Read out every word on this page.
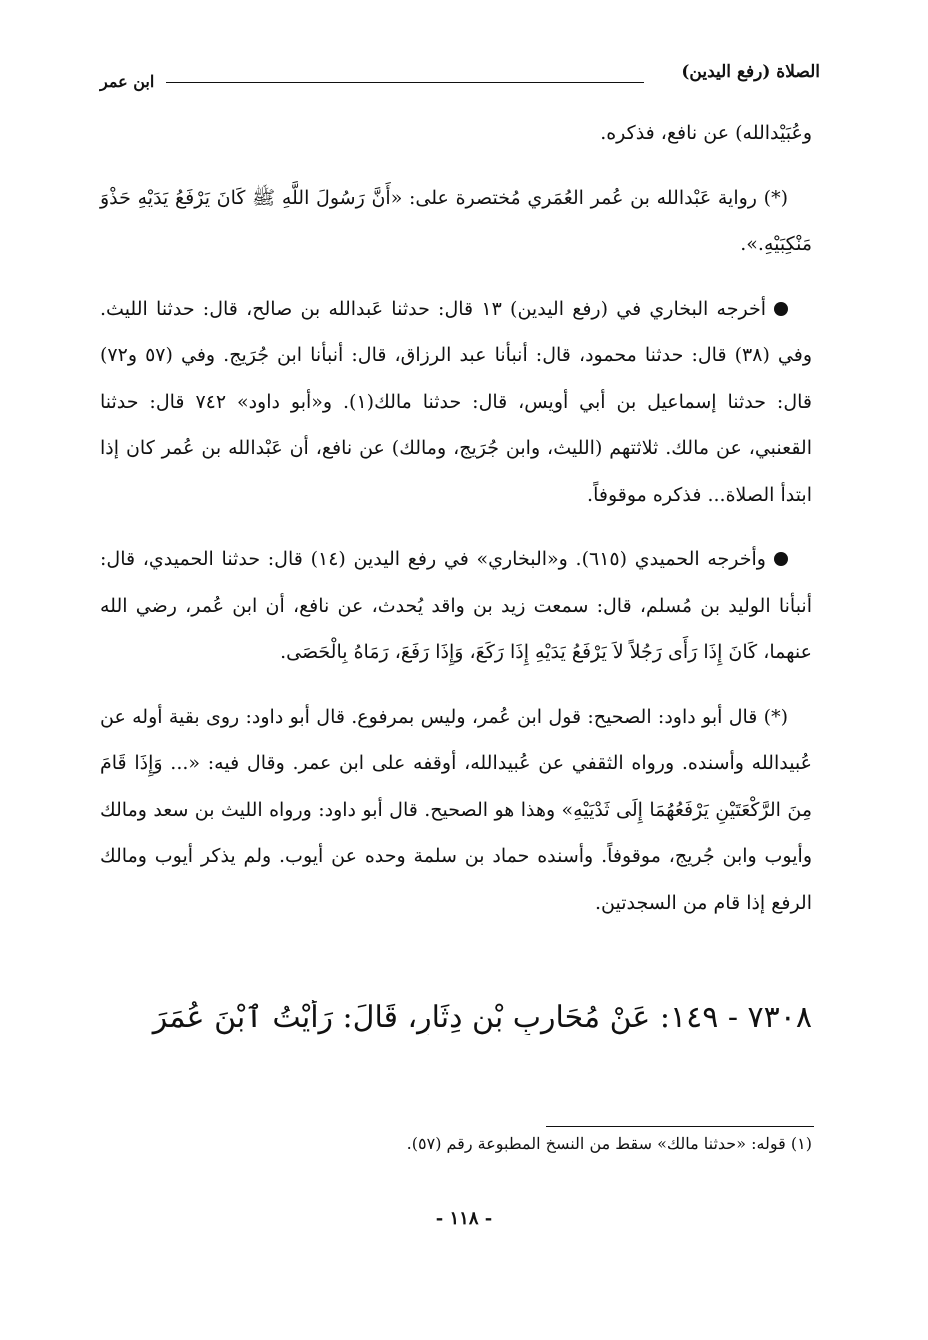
الصلاة (رفع اليدين)
ابن عمر

وعُبَيْدالله) عن نافع، فذكره.

(*) رواية عَبْدالله بن عُمر العُمَري مُختصرة على: «أَنَّ رَسُولَ اللَّهِ ﷺ كَانَ يَرْفَعُ يَدَيْهِ حَذْوَ مَنْكِبَيْهِ.».

أخرجه البخاري في (رفع اليدين) ١٣ قال: حدثنا عَبدالله بن صالح، قال: حدثنا الليث. وفي (٣٨) قال: حدثنا محمود، قال: أنبأنا عبد الرزاق، قال: أنبأنا ابن جُرَيج. وفي (٥٧ و٧٢) قال: حدثنا إسماعيل بن أبي أويس، قال: حدثنا مالك(١). و«أبو داود» ٧٤٢ قال: حدثنا القعنبي، عن مالك. ثلاثتهم (الليث، وابن جُرَيج، ومالك) عن نافع، أن عَبْدالله بن عُمر كان إذا ابتدأ الصلاة... فذكره موقوفاً.

وأخرجه الحميدي (٦١٥). و«البخاري» في رفع اليدين (١٤) قال: حدثنا الحميدي، قال: أنبأنا الوليد بن مُسلم، قال: سمعت زيد بن واقد يُحدث، عن نافع، أن ابن عُمر، رضي الله عنهما، كَانَ إِذَا رَأَى رَجُلاً لاَ يَرْفَعُ يَدَيْهِ إِذَا رَكَعَ، وَإِذَا رَفَعَ، رَمَاهُ بِالْحَصَى.

(*) قال أبو داود: الصحيح: قول ابن عُمر، وليس بمرفوع. قال أبو داود: روى بقية أوله عن عُبيدالله وأسنده. ورواه الثقفي عن عُبيدالله، أوقفه على ابن عمر. وقال فيه: «... وَإِذَا قَامَ مِنَ الرَّكْعَتَيْنِ يَرْفَعُهُمَا إِلَى ثَدْيَيْهِ» وهذا هو الصحيح. قال أبو داود: ورواه الليث بن سعد ومالك وأيوب وابن جُريج، موقوفاً. وأسنده حماد بن سلمة وحده عن أيوب. ولم يذكر أيوب ومالك الرفع إذا قام من السجدتين.

٧٣٠٨ - ١٤٩: عَنْ مُحَارِبِ بْنِ دِثَارٍ، قَالَ: رَأَيْتُ ٱبْنَ عُمَرَ
(١) قوله: «حدثنا مالك» سقط من النسخ المطبوعة رقم (٥٧).
- ١١٨ -
